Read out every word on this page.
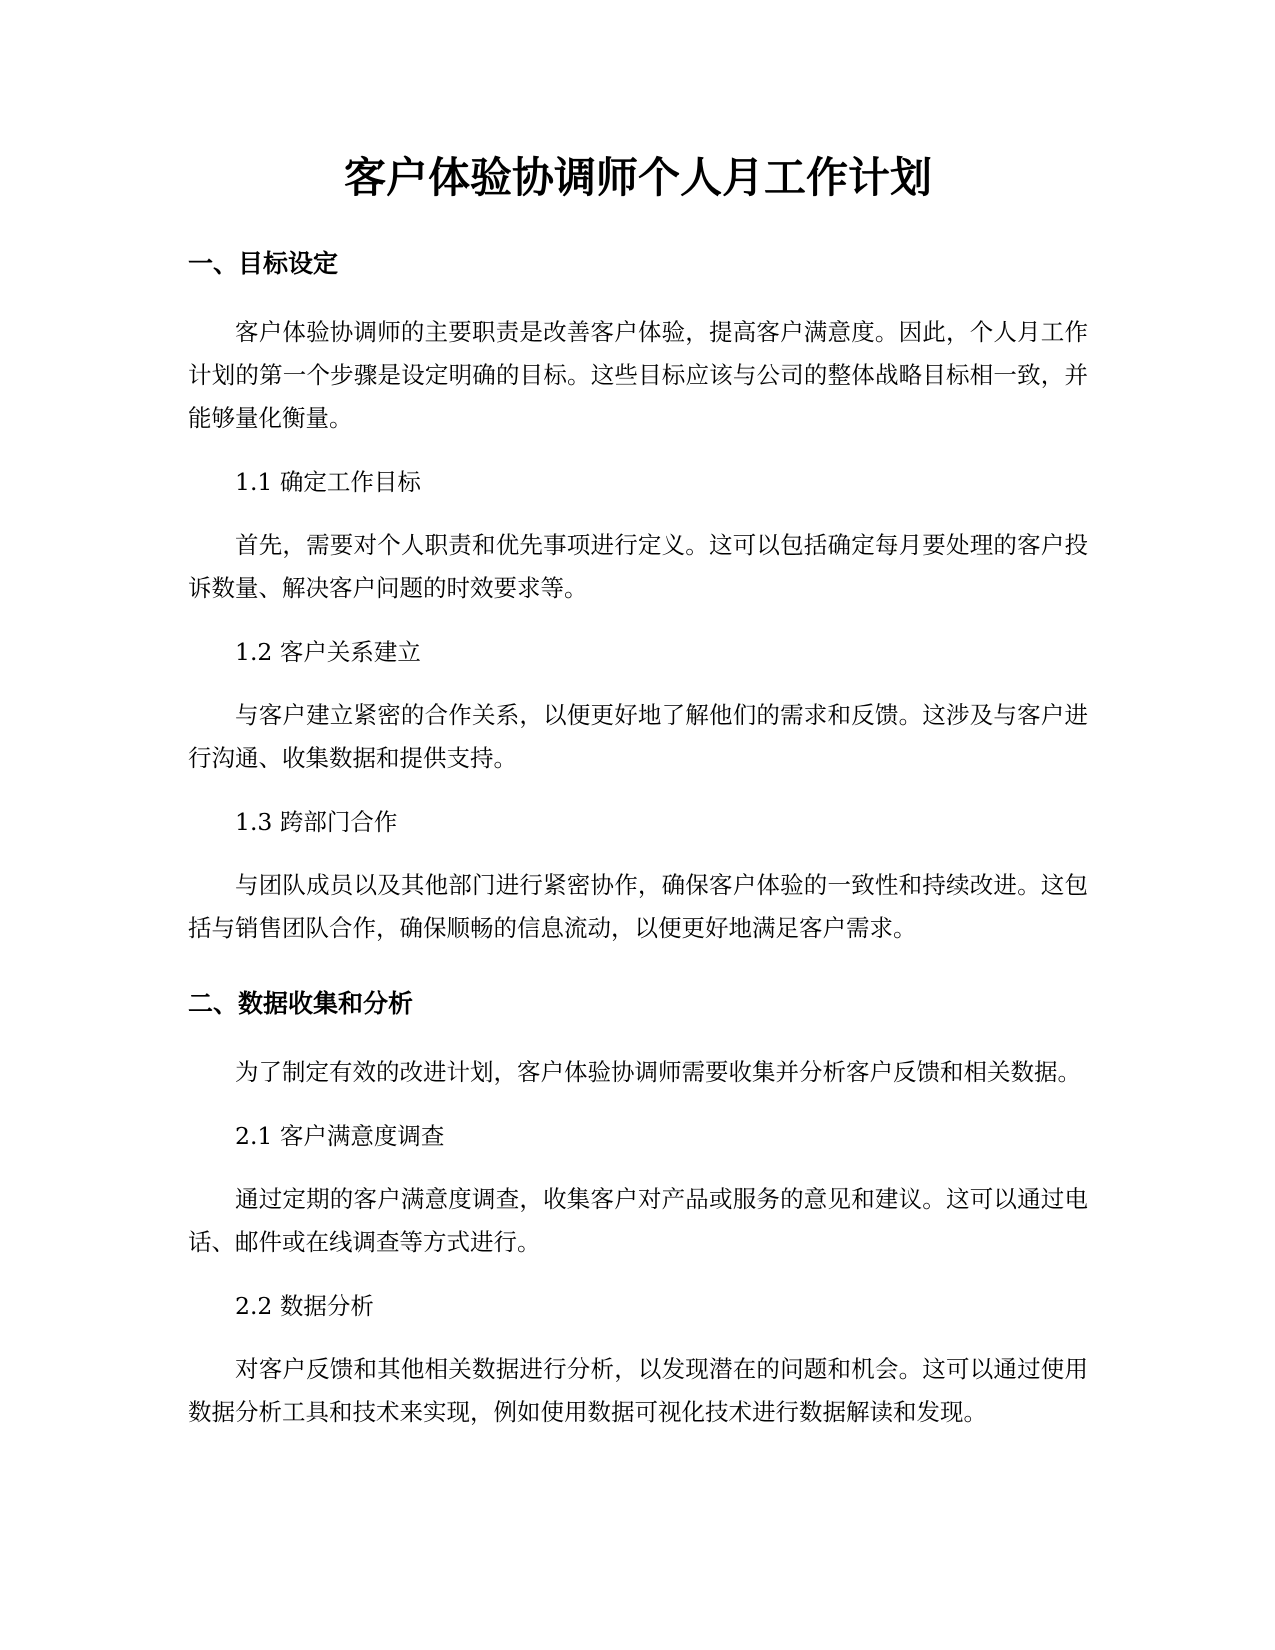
客户体验协调师个人月工作计划
一、目标设定

客户体验协调师的主要职责是改善客户体验，提高客户满意度。因此，个人月工作计划的第一个步骤是设定明确的目标。这些目标应该与公司的整体战略目标相一致，并能够量化衡量。

1.1 确定工作目标

首先，需要对个人职责和优先事项进行定义。这可以包括确定每月要处理的客户投诉数量、解决客户问题的时效要求等。

1.2 客户关系建立

与客户建立紧密的合作关系，以便更好地了解他们的需求和反馈。这涉及与客户进行沟通、收集数据和提供支持。

1.3 跨部门合作

与团队成员以及其他部门进行紧密协作，确保客户体验的一致性和持续改进。这包括与销售团队合作，确保顺畅的信息流动，以便更好地满足客户需求。

二、数据收集和分析

为了制定有效的改进计划，客户体验协调师需要收集并分析客户反馈和相关数据。

2.1 客户满意度调查

通过定期的客户满意度调查，收集客户对产品或服务的意见和建议。这可以通过电话、邮件或在线调查等方式进行。

2.2 数据分析

对客户反馈和其他相关数据进行分析，以发现潜在的问题和机会。这可以通过使用数据分析工具和技术来实现，例如使用数据可视化技术进行数据解读和发现。
